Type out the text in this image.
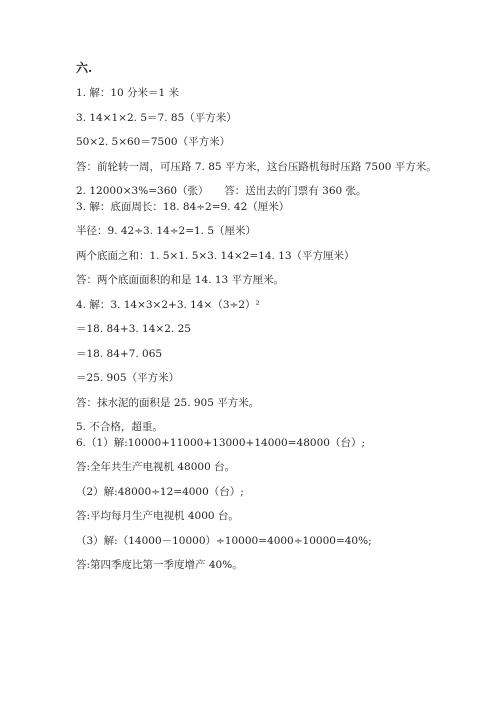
六.
1. 解：10 分米＝1 米
3. 14×1×2. 5＝7. 85（平方米）
50×2. 5×60＝7500（平方米）
答：前轮转一周，可压路 7. 85 平方米，这台压路机每时压路 7500 平方米。
2. 12000×3%=360（张）　　答：送出去的门票有 360 张。
3. 解：底面周长：18. 84÷2=9. 42（厘米）
半径：9. 42÷3. 14÷2=1. 5（厘米）
两个底面之和：1. 5×1. 5×3. 14×2=14. 13（平方厘米）
答：两个底面面积的和是 14. 13 平方厘米。
4. 解：3. 14×3×2+3. 14×（3÷2）²
＝18. 84+3. 14×2. 25
＝18. 84+7. 065
＝25. 905（平方米）
答：抹水泥的面积是 25. 905 平方米。
5. 不合格，超重。
6.（1）解:10000+11000+13000+14000=48000（台）;
答:全年共生产电视机 48000 台。
（2）解:48000÷12=4000（台）;
答:平均每月生产电视机 4000 台。
（3）解:（14000－10000）÷10000=4000÷10000=40%;
答:第四季度比第一季度增产 40%。
